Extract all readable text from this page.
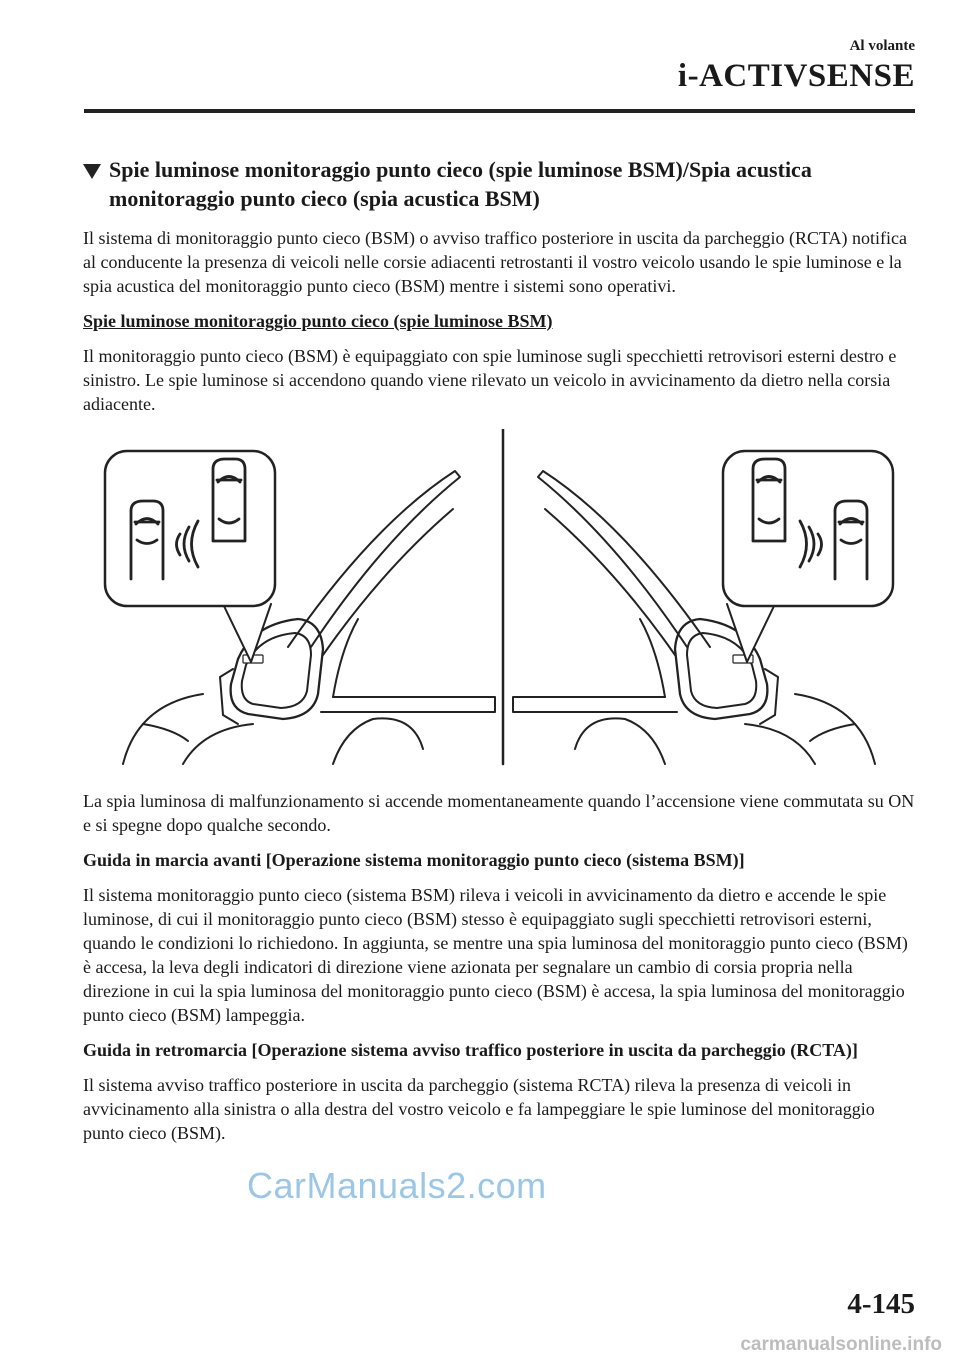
Al volante
i-ACTIVSENSE
Spie luminose monitoraggio punto cieco (spie luminose BSM)/Spia acustica monitoraggio punto cieco (spia acustica BSM)

Il sistema di monitoraggio punto cieco (BSM) o avviso traffico posteriore in uscita da parcheggio (RCTA) notifica al conducente la presenza di veicoli nelle corsie adiacenti retrostanti il vostro veicolo usando le spie luminose e la spia acustica del monitoraggio punto cieco (BSM) mentre i sistemi sono operativi.

Spie luminose monitoraggio punto cieco (spie luminose BSM)

Il monitoraggio punto cieco (BSM) è equipaggiato con spie luminose sugli specchietti retrovisori esterni destro e sinistro. Le spie luminose si accendono quando viene rilevato un veicolo in avvicinamento da dietro nella corsia adiacente.

La spia luminosa di malfunzionamento si accende momentaneamente quando l’accensione viene commutata su ON e si spegne dopo qualche secondo.

Guida in marcia avanti [Operazione sistema monitoraggio punto cieco (sistema BSM)]

Il sistema monitoraggio punto cieco (sistema BSM) rileva i veicoli in avvicinamento da dietro e accende le spie luminose, di cui il monitoraggio punto cieco (BSM) stesso è equipaggiato sugli specchietti retrovisori esterni, quando le condizioni lo richiedono. In aggiunta, se mentre una spia luminosa del monitoraggio punto cieco (BSM) è accesa, la leva degli indicatori di direzione viene azionata per segnalare un cambio di corsia propria nella direzione in cui la spia luminosa del monitoraggio punto cieco (BSM) è accesa, la spia luminosa del monitoraggio punto cieco (BSM) lampeggia.

Guida in retromarcia [Operazione sistema avviso traffico posteriore in uscita da parcheggio (RCTA)]

Il sistema avviso traffico posteriore in uscita da parcheggio (sistema RCTA) rileva la presenza di veicoli in avvicinamento alla sinistra o alla destra del vostro veicolo e fa lampeggiare le spie luminose del monitoraggio punto cieco (BSM).

CarManuals2.com
4-145
carmanualsonline.info
